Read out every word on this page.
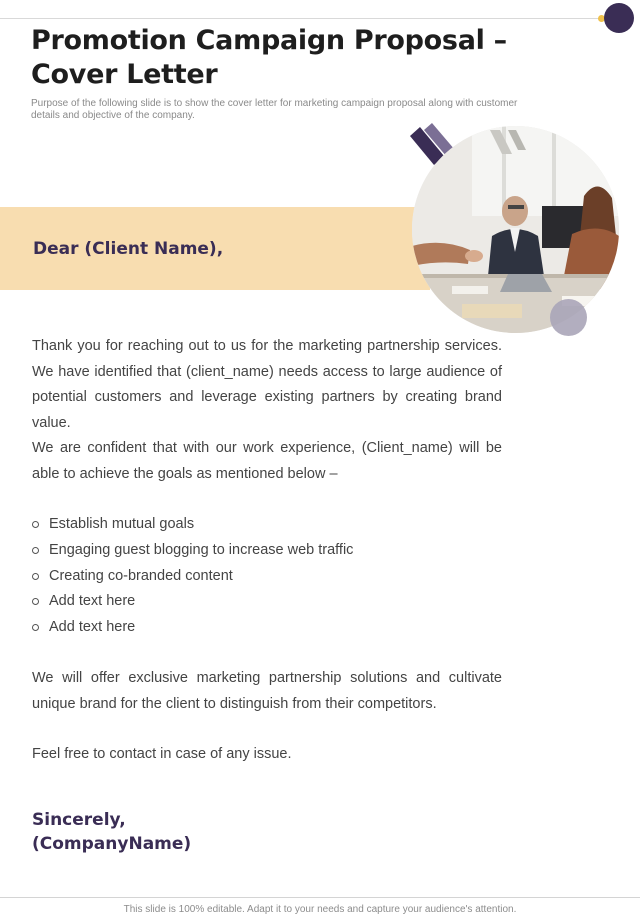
Promotion Campaign Proposal –
Cover Letter

Purpose of the following slide is to show the cover letter for marketing campaign proposal along with customer details and objective of the company.

Dear (Client Name),

Thank you for reaching out to us for the marketing partnership services. We have identified that (client_name) needs access to large audience of potential customers and leverage existing partners by creating brand value.

We are confident that with our work experience, (Client_name) will be able to achieve the goals as mentioned below –

Establish mutual goals
Engaging guest blogging to increase web traffic
Creating co-branded content
Add text here
Add text here

We will offer exclusive marketing partnership solutions and cultivate unique brand for the client to distinguish from their competitors.

Feel free to contact in case of any issue.

Sincerely,
(CompanyName)

This slide is 100% editable. Adapt it to your needs and capture your audience's attention.
